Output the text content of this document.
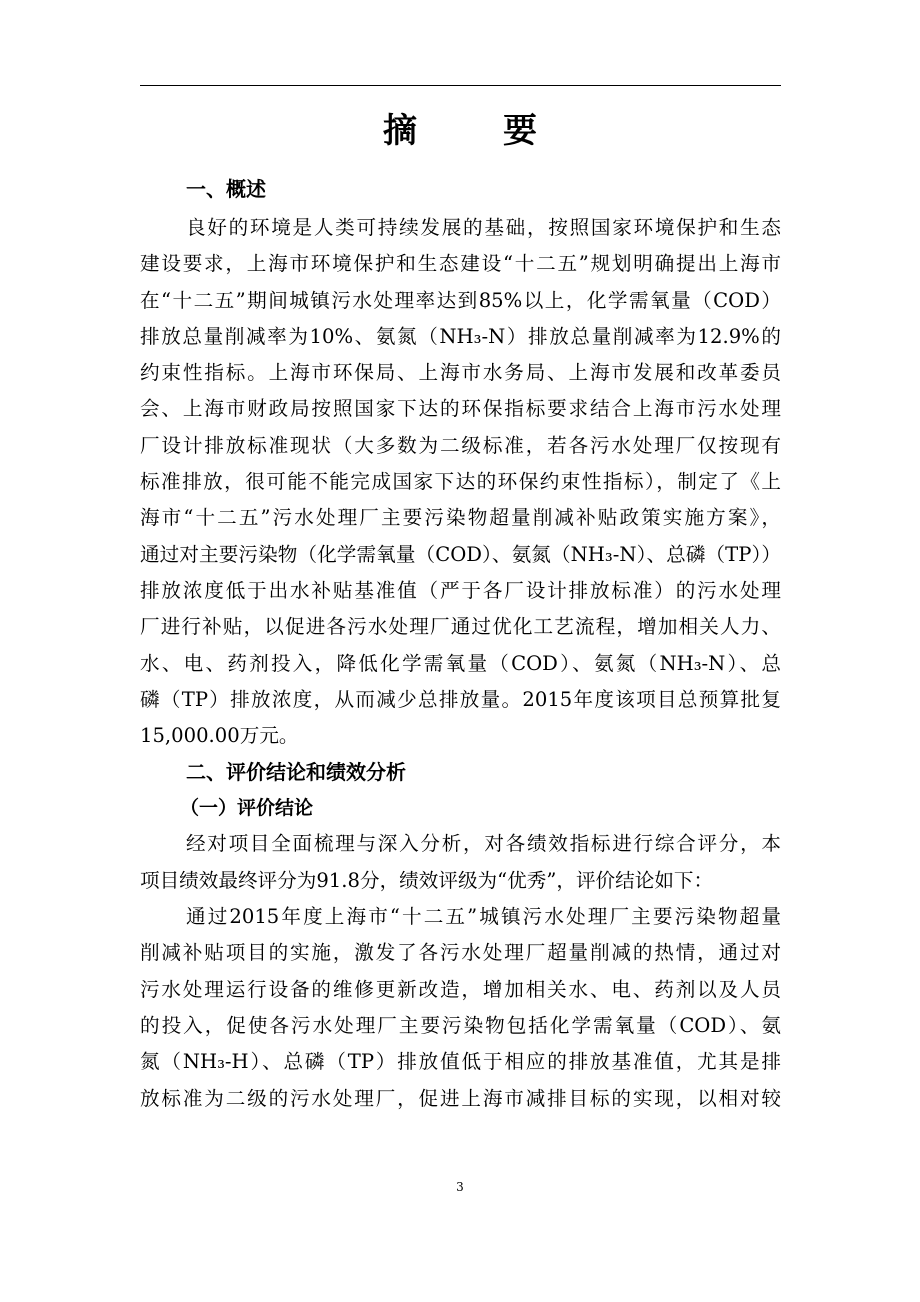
摘　要
一、概述
良好的环境是人类可持续发展的基础，按照国家环境保护和生态
建设要求，上海市环境保护和生态建设“十二五”规划明确提出上海市
在“十二五”期间城镇污水处理率达到85%以上，化学需氧量（COD）
排放总量削减率为10%、氨氮（NH₃-N）排放总量削减率为12.9%的
约束性指标。上海市环保局、上海市水务局、上海市发展和改革委员
会、上海市财政局按照国家下达的环保指标要求结合上海市污水处理
厂设计排放标准现状（大多数为二级标准，若各污水处理厂仅按现有
标准排放，很可能不能完成国家下达的环保约束性指标），制定了《上
海市“十二五”污水处理厂主要污染物超量削减补贴政策实施方案》，
通过对主要污染物（化学需氧量（COD）、氨氮（NH₃-N）、总磷（TP））
排放浓度低于出水补贴基准值（严于各厂设计排放标准）的污水处理
厂进行补贴，以促进各污水处理厂通过优化工艺流程，增加相关人力、
水、电、药剂投入，降低化学需氧量（COD）、氨氮（NH₃-N）、总
磷（TP）排放浓度，从而减少总排放量。2015年度该项目总预算批复
15,000.00万元。
二、评价结论和绩效分析
（一）评价结论
经对项目全面梳理与深入分析，对各绩效指标进行综合评分，本
项目绩效最终评分为91.8分，绩效评级为“优秀”，评价结论如下：
通过2015年度上海市“十二五”城镇污水处理厂主要污染物超量
削减补贴项目的实施，激发了各污水处理厂超量削减的热情，通过对
污水处理运行设备的维修更新改造，增加相关水、电、药剂以及人员
的投入，促使各污水处理厂主要污染物包括化学需氧量（COD）、氨
氮（NH₃-H）、总磷（TP）排放值低于相应的排放基准值，尤其是排
放标准为二级的污水处理厂，促进上海市减排目标的实现，以相对较
3
